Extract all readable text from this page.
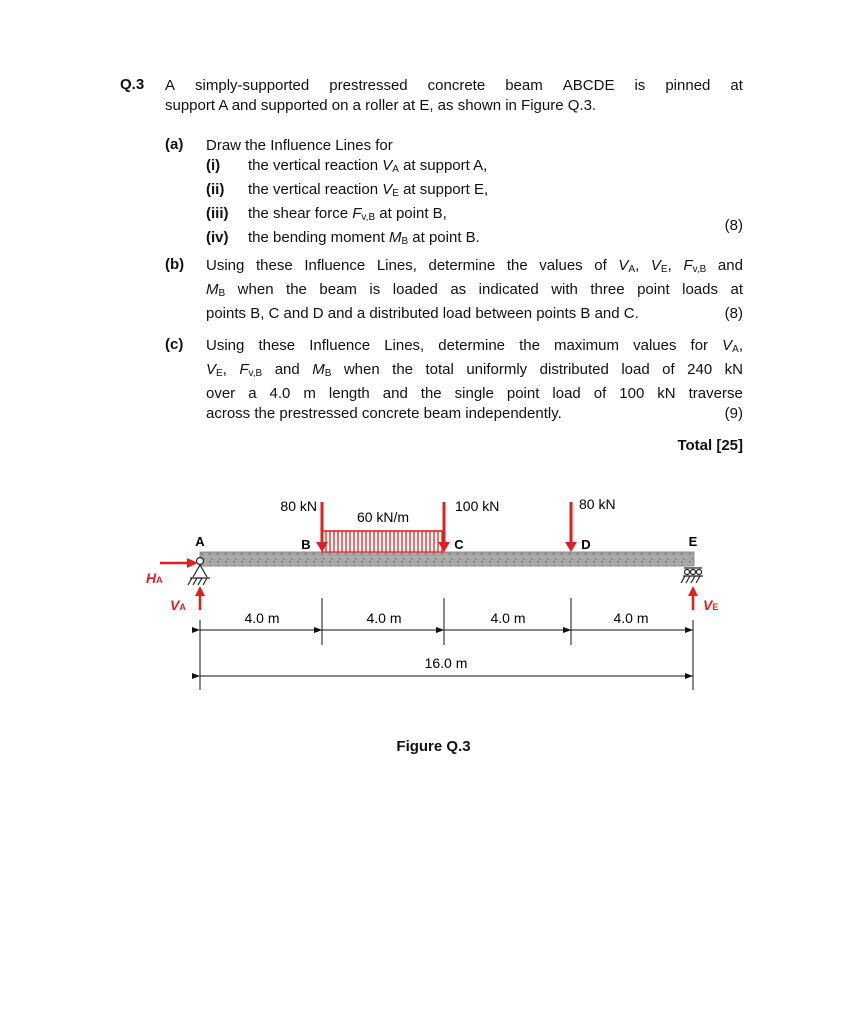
Q.3 A simply-supported prestressed concrete beam ABCDE is pinned at
support A and supported on a roller at E, as shown in Figure Q.3.
(a) Draw the Influence Lines for
(i)	the vertical reaction $V_A$ at support A,
(ii)	the vertical reaction $V_E$ at support E,
(iii)	the shear force $F_{v,B}$ at point B,
(iv)	the bending moment $M_B$ at point B.
(8)
(b) Using these Influence Lines, determine the values of $V_A$, $V_E$, $F_{v,B}$ and
$M_B$ when the beam is loaded as indicated with three point loads at
points B, C and D and a distributed load between points B and C.	(8)
(c) Using these Influence Lines, determine the maximum values for $V_A$,
$V_E$, $F_{v,B}$ and $M_B$ when the total uniformly distributed load of 240 kN
over a 4.0 m length and the single point load of 100 kN traverse
across the prestressed concrete beam independently.	(9)
Total [25]
80 kN
60 kN/m
100 kN	80 kN
A	B	C	D	E
HA
VA	VE
4.0 m	4.0 m	4.0 m	4.0 m
16.0 m
Figure Q.3
